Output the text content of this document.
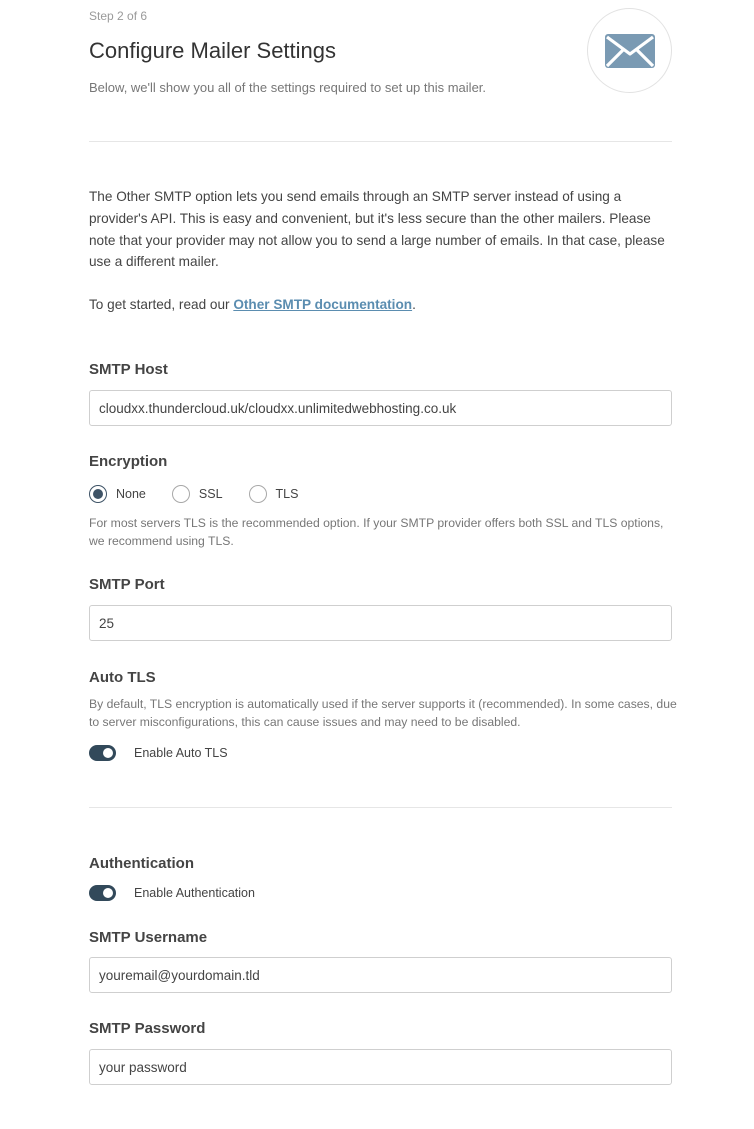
Step 2 of 6
Configure Mailer Settings
Below, we'll show you all of the settings required to set up this mailer.

The Other SMTP option lets you send emails through an SMTP server instead of using a provider's API. This is easy and convenient, but it's less secure than the other mailers. Please note that your provider may not allow you to send a large number of emails. In that case, please use a different mailer.

To get started, read our Other SMTP documentation.

SMTP Host
cloudxx.thundercloud.uk/cloudxx.unlimitedwebhosting.co.uk
Encryption
None	SSL	TLS

For most servers TLS is the recommended option. If your SMTP provider offers both SSL and TLS options, we recommend using TLS.

SMTP Port
25
Auto TLS

By default, TLS encryption is automatically used if the server supports it (recommended). In some cases, due to server misconfigurations, this can cause issues and may need to be disabled.

Enable Auto TLS
Authentication
Enable Authentication
SMTP Username
youremail@yourdomain.tld
SMTP Password
your password
